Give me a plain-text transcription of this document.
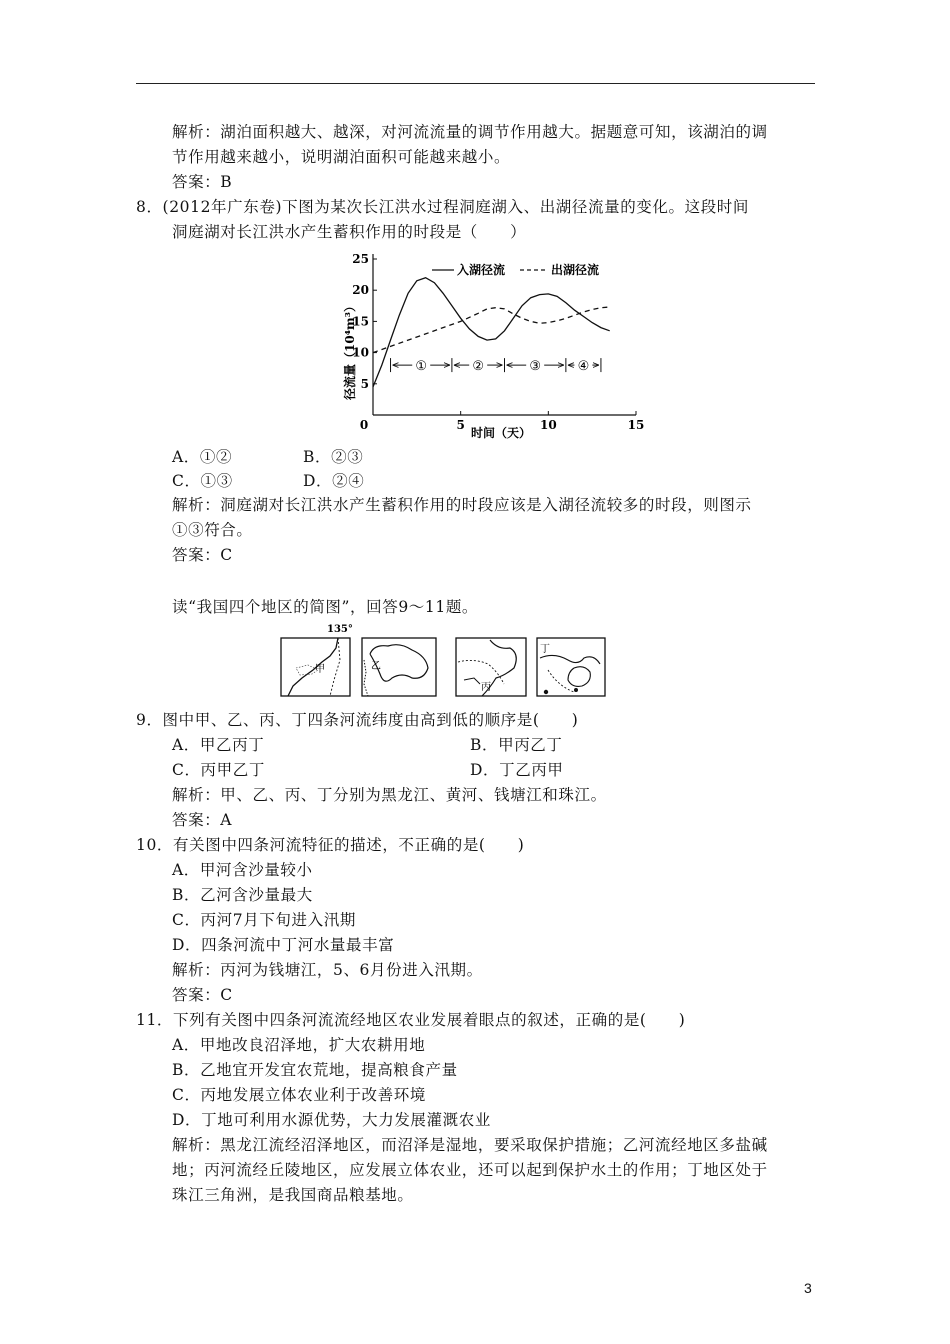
解析：湖泊面积越大、越深，对河流流量的调节作用越大。据题意可知，该湖泊的调
节作用越来越小，说明湖泊面积可能越来越小。
答案：B
8．(2012年广东卷)下图为某次长江洪水过程洞庭湖入、出湖径流量的变化。这段时间
洞庭湖对长江洪水产生蓄积作用的时段是（　　）
5
10
15
20
25
0	5	10	15
径流量（10⁴m³）
时间（天）
入湖径流	出湖径流
①	②	③	④
A．①②	B．②③
C．①③	D．②④
解析：洞庭湖对长江洪水产生蓄积作用的时段应该是入湖径流较多的时段，则图示
①③符合。
答案：C
读“我国四个地区的简图”，回答9～11题。
135°
甲	乙
丙
丁
9．图中甲、乙、丙、丁四条河流纬度由高到低的顺序是(　　)
A．甲乙丙丁	B．甲丙乙丁
C．丙甲乙丁	D．丁乙丙甲
解析：甲、乙、丙、丁分别为黑龙江、黄河、钱塘江和珠江。
答案：A
10．有关图中四条河流特征的描述，不正确的是(　　)
A．甲河含沙量较小
B．乙河含沙量最大
C．丙河7月下旬进入汛期
D．四条河流中丁河水量最丰富
解析：丙河为钱塘江，5、6月份进入汛期。
答案：C
11．下列有关图中四条河流流经地区农业发展着眼点的叙述，正确的是(　　)
A．甲地改良沼泽地，扩大农耕用地
B．乙地宜开发宜农荒地，提高粮食产量
C．丙地发展立体农业利于改善环境
D．丁地可利用水源优势，大力发展灌溉农业
解析：黑龙江流经沼泽地区，而沼泽是湿地，要采取保护措施；乙河流经地区多盐碱
地；丙河流经丘陵地区，应发展立体农业，还可以起到保护水土的作用；丁地区处于
珠江三角洲，是我国商品粮基地。
3
